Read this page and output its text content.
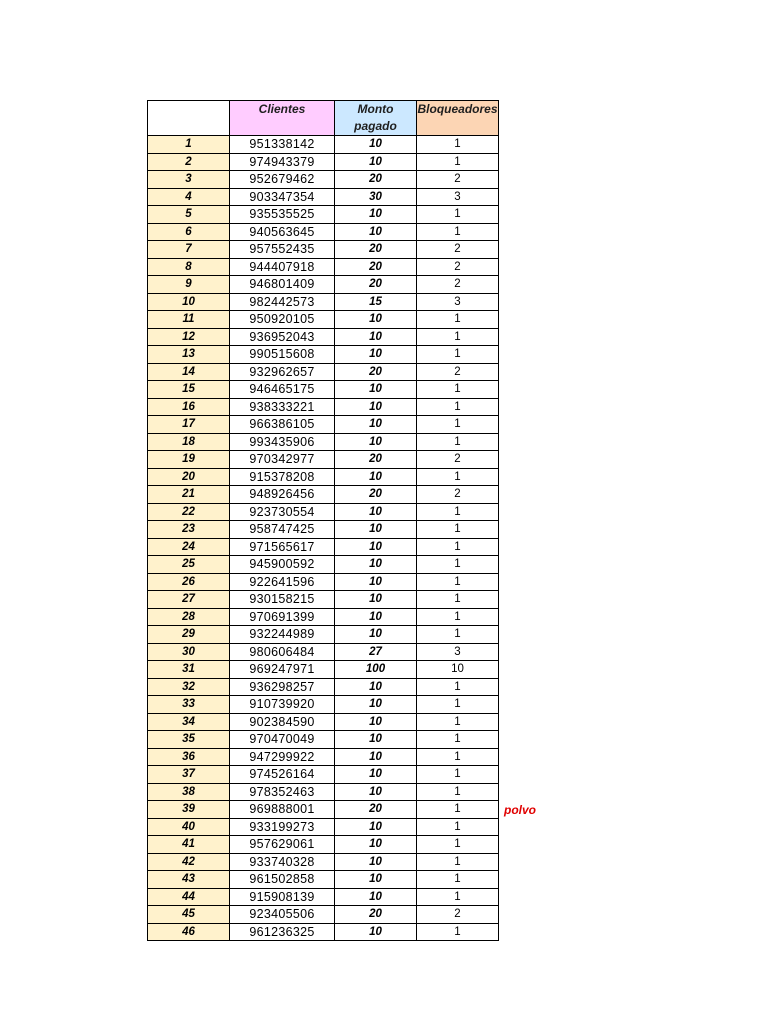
	Clientes	Monto pagado	Bloqueadores
1	951338142	10	1
2	974943379	10	1
3	952679462	20	2
4	903347354	30	3
5	935535525	10	1
6	940563645	10	1
7	957552435	20	2
8	944407918	20	2
9	946801409	20	2
10	982442573	15	3
11	950920105	10	1
12	936952043	10	1
13	990515608	10	1
14	932962657	20	2
15	946465175	10	1
16	938333221	10	1
17	966386105	10	1
18	993435906	10	1
19	970342977	20	2
20	915378208	10	1
21	948926456	20	2
22	923730554	10	1
23	958747425	10	1
24	971565617	10	1
25	945900592	10	1
26	922641596	10	1
27	930158215	10	1
28	970691399	10	1
29	932244989	10	1
30	980606484	27	3
31	969247971	100	10
32	936298257	10	1
33	910739920	10	1
34	902384590	10	1
35	970470049	10	1
36	947299922	10	1
37	974526164	10	1
38	978352463	10	1
39	969888001	20	1
40	933199273	10	1
41	957629061	10	1
42	933740328	10	1
43	961502858	10	1
44	915908139	10	1
45	923405506	20	2
46	961236325	10	1
polvo
